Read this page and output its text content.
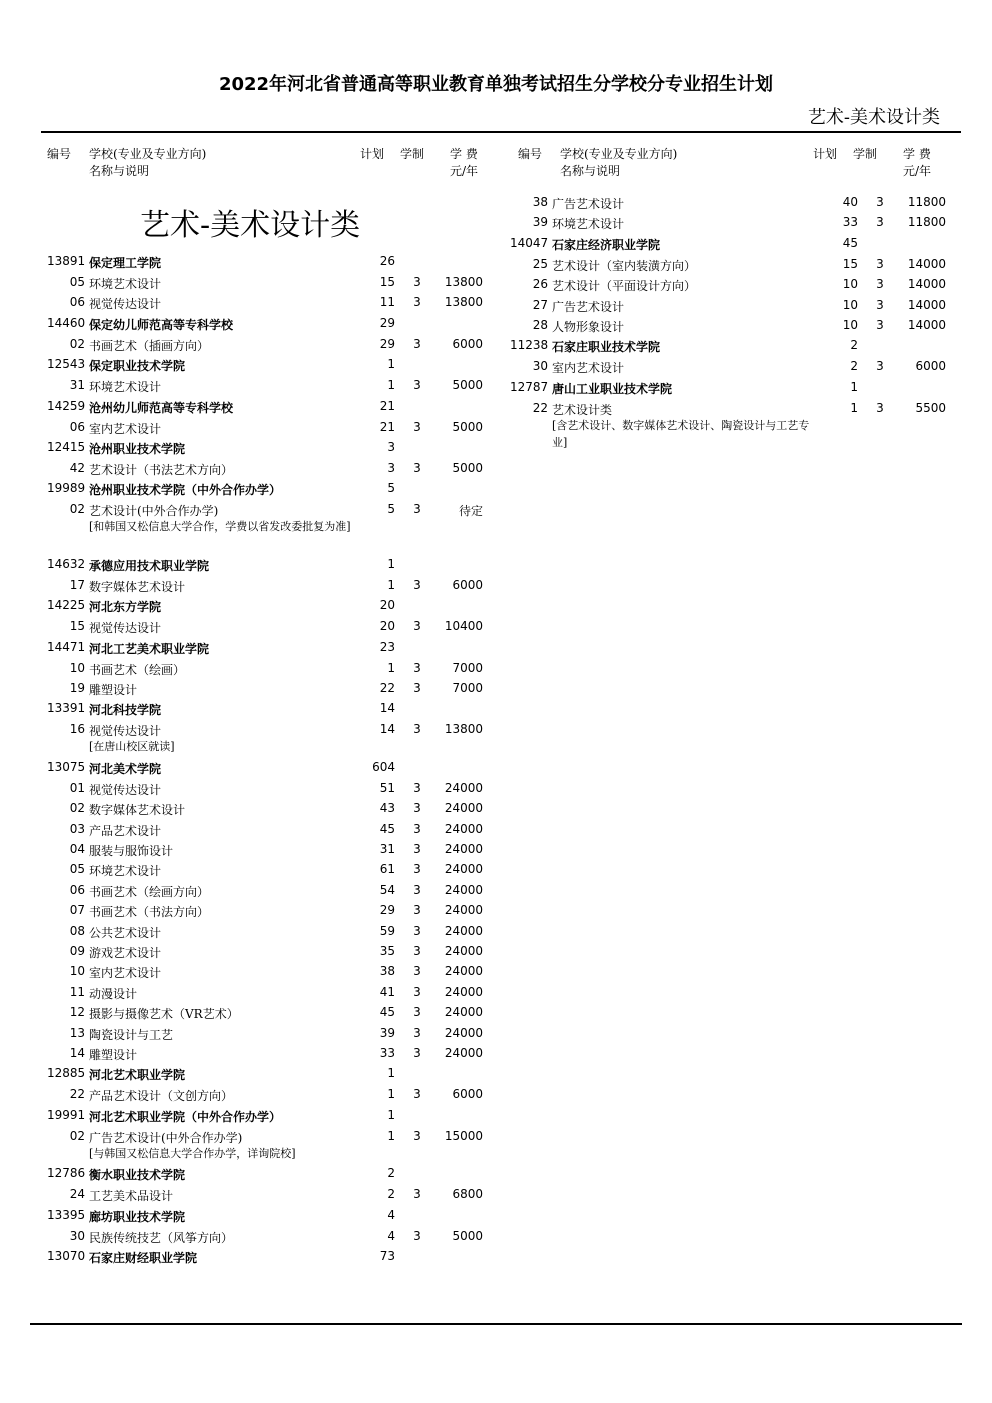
2022年河北省普通高等职业教育单独考试招生分学校分专业招生计划
艺术-美术设计类
编号 学校(专业及专业方向)
名称与说明
计划 学制 学 费
元/年
编号 学校(专业及专业方向)
名称与说明
计划 学制 学 费
元/年
艺术-美术设计类
13891 保定理工学院	26
05 环境艺术设计	15	3	13800
06 视觉传达设计	11	3	13800
14460 保定幼儿师范高等专科学校	29
02 书画艺术（插画方向）	29	3	6000
12543 保定职业技术学院	1
31 环境艺术设计	1	3	5000
14259 沧州幼儿师范高等专科学校	21
06 室内艺术设计	21	3	5000
12415 沧州职业技术学院	3
42 艺术设计（书法艺术方向）	3	3	5000
19989 沧州职业技术学院（中外合作办学）	5
02 艺术设计(中外合作办学)	5	3	待定
[和韩国又松信息大学合作，学费以省发改委批复为准]
14632 承德应用技术职业学院	1
17 数字媒体艺术设计	1	3	6000
14225 河北东方学院	20
15 视觉传达设计	20	3	10400
14471 河北工艺美术职业学院	23
10 书画艺术（绘画）	1	3	7000
19 雕塑设计	22	3	7000
13391 河北科技学院	14
16 视觉传达设计	14	3	13800
[在唐山校区就读]
13075 河北美术学院	604
01 视觉传达设计	51	3	24000
02 数字媒体艺术设计	43	3	24000
03 产品艺术设计	45	3	24000
04 服装与服饰设计	31	3	24000
05 环境艺术设计	61	3	24000
06 书画艺术（绘画方向）	54	3	24000
07 书画艺术（书法方向）	29	3	24000
08 公共艺术设计	59	3	24000
09 游戏艺术设计	35	3	24000
10 室内艺术设计	38	3	24000
11 动漫设计	41	3	24000
12 摄影与摄像艺术（VR艺术）	45	3	24000
13 陶瓷设计与工艺	39	3	24000
14 雕塑设计	33	3	24000
12885 河北艺术职业学院	1
22 产品艺术设计（文创方向）	1	3	6000
19991 河北艺术职业学院（中外合作办学）	1
02 广告艺术设计(中外合作办学)	1	3	15000
[与韩国又松信息大学合作办学，详询院校]
12786 衡水职业技术学院	2
24 工艺美术品设计	2	3	6800
13395 廊坊职业技术学院	4
30 民族传统技艺（风筝方向）	4	3	5000
13070 石家庄财经职业学院	73
38 广告艺术设计	40	3	11800
39 环境艺术设计	33	3	11800
14047 石家庄经济职业学院	45
25 艺术设计（室内装潢方向）	15	3	14000
26 艺术设计（平面设计方向）	10	3	14000
27 广告艺术设计	10	3	14000
28 人物形象设计	10	3	14000
11238 石家庄职业技术学院	2
30 室内艺术设计	2	3	6000
12787 唐山工业职业技术学院	1
22 艺术设计类	1	3	5500
[含艺术设计、数字媒体艺术设计、陶瓷设计与工艺专业]
